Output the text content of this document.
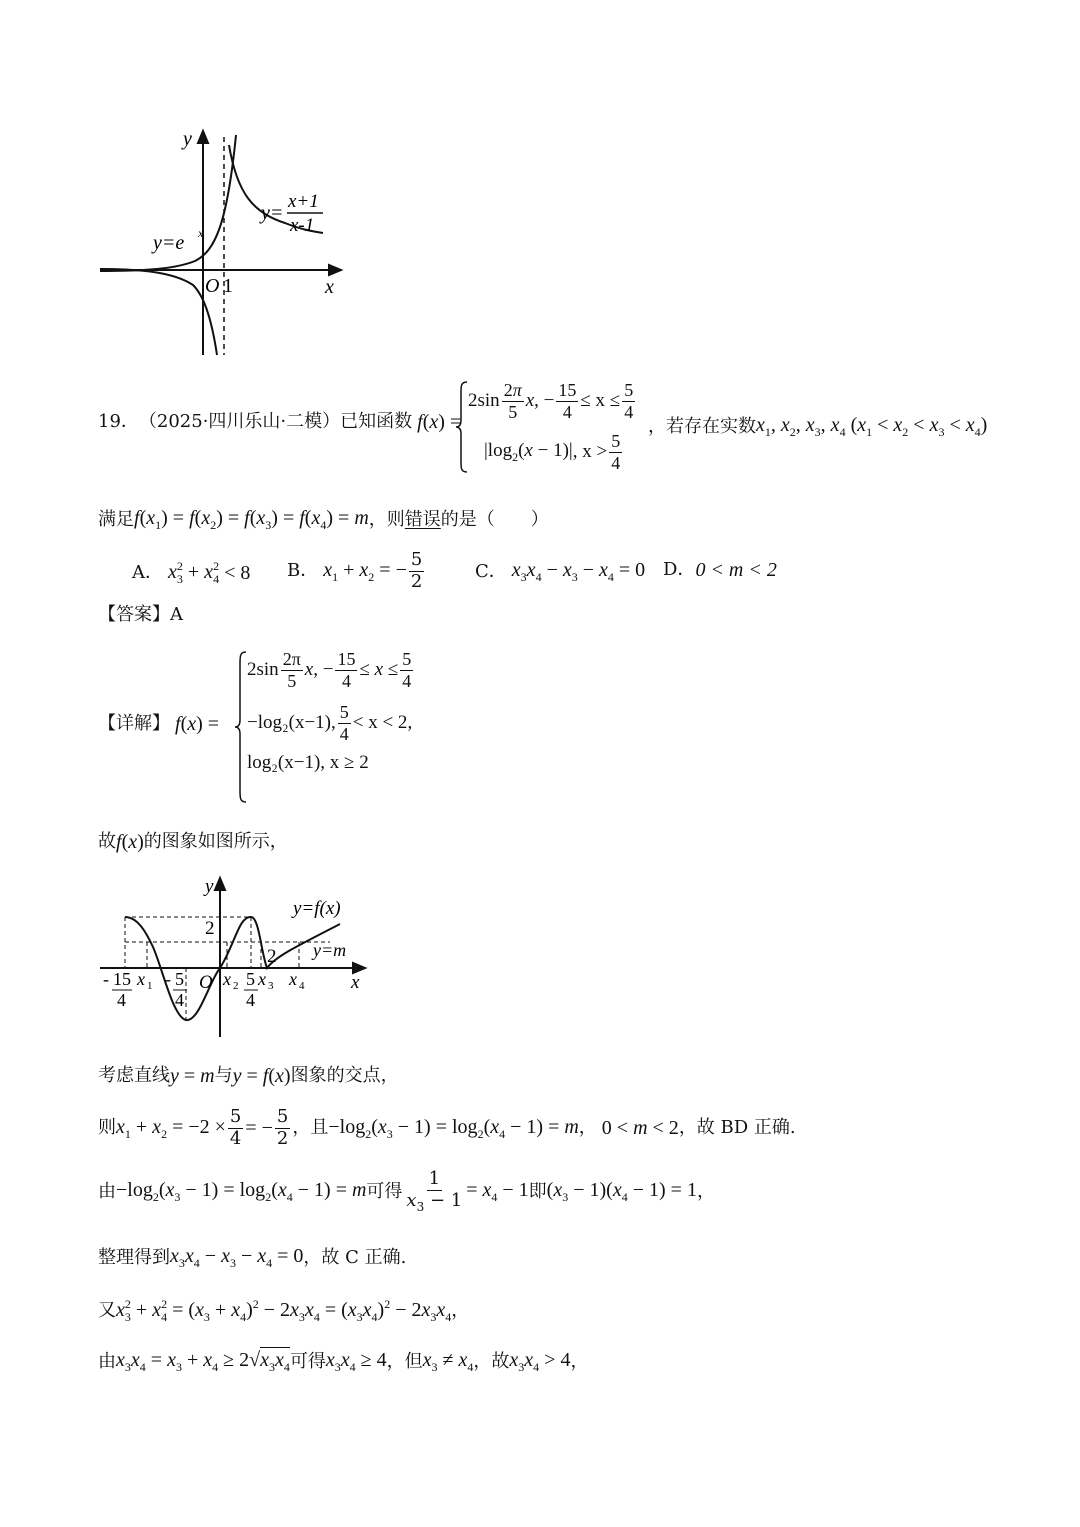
y
x
O 1
y=e x
y=
x+1
x-1
19． （2025·四川乐山·二模） 已知函数 f(x) =
$2\sin \frac{2\pi}{5} x$, − $\frac{15}{4} \le x \le \frac{5}{4}$
$|\log_2(x - 1)|$ , $x > \frac{5}{4}$
，若存在实数 $x_1$, $x_2$, $x_3$, $x_4$ $(x_1 < x_2 < x_3 < x_4)$
满足 $f(x_1) = f(x_2) = f(x_3) = f(x_4) = m$ ，则 错误 的是（　　）
A． $x_3^2 + x_4^2 < 8$ B． $x_1 + x_2$ = − $\frac{5}{2}$	C． $x_3x_4 - x_3 - x_4 = 0$ D． 0 < m < 2
【答案】 A
【详解】 f(x) =
$2\sin \frac{2\pi}{5} x$, − $\frac{15}{4} \le x \le \frac{5}{4}$
−log₂(x−1), $\frac{5}{4} < x < 2$ ,
log₂(x−1), x ≥ 2
故 f(x) 的图象如图所示，
y
x
O
2
2
y=f(x)
y=m
- 15
4
x 1 - 5
4
x 2 5
4
x 3 x 4
考虑直线 y = m 与 y = f(x) 图象的交点，
则 $x_1 + x_2 = -2 \times \frac{5}{4}$ = − $\frac{5}{2}$ ，且 $-\log_2(x_3 - 1) = \log_2(x_4 - 1) = m$ ， 0 < m < 2 ，故 BD 正确.
由 $-\log_2(x_3 - 1) = \log_2(x_4 - 1) = m$ 可得 $\frac{1}{x_3 - 1} = x_4 - 1$ 即 $(x_3 - 1)(x_4 - 1) = 1$ ，
整理得到 $x_3x_4 - x_3 - x_4 = 0$ ，故 C 正确.
又 $x_3^2 + x_4^2 = (x_3 + x_4)^2 - 2x_3x_4 = (x_3x_4)^2 - 2x_3x_4$ ，
由 $x_3x_4 = x_3 + x_4 \ge 2√x_3x_4$ 可得 $x_3x_4 \ge 4$ ，但 $x_3 \ne x_4$ ，故 $x_3x_4 > 4$ ，
